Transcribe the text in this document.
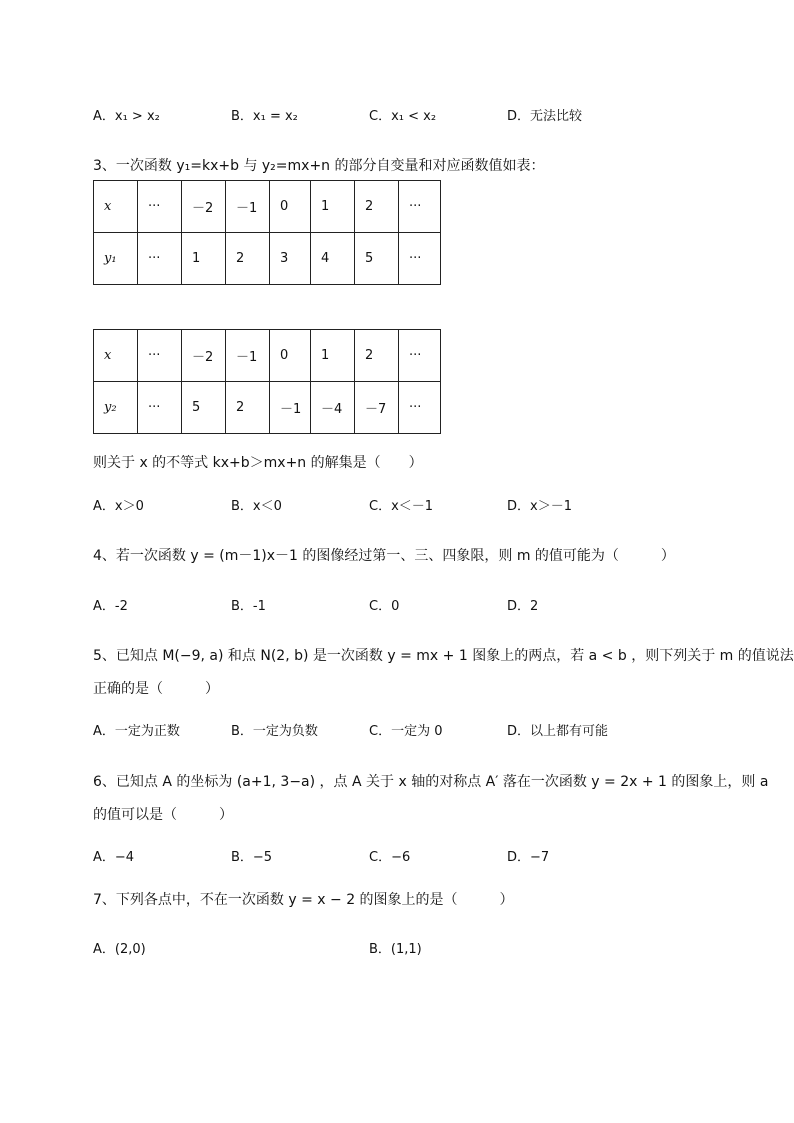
A．x₁ > x₂	B．x₁ = x₂	C．x₁ < x₂	D．无法比较
3、一次函数 y₁=kx+b 与 y₂=mx+n 的部分自变量和对应函数值如表：
x	···	－2	－1	0	1	2	···
y₁	···	1	2	3	4	5	···
x	···	－2	－1	0	1	2	···
y₂	···	5	2	－1	－4	－7	···
则关于 x 的不等式 kx+b＞mx+n 的解集是（　　）
A．x＞0	B．x＜0	C．x＜－1	D．x＞－1
4、若一次函数 y = (m－1)x－1 的图像经过第一、三、四象限，则 m 的值可能为（　　　）
A．-2	B．-1	C．0	D．2
5、已知点 M(−9, a) 和点 N(2, b) 是一次函数 y = mx + 1 图象上的两点，若 a < b ，则下列关于 m 的值说法
正确的是（　　　）
A．一定为正数	B．一定为负数	C．一定为 0	D．以上都有可能
6、已知点 A 的坐标为 (a+1, 3−a) ，点 A 关于 x 轴的对称点 A′ 落在一次函数 y = 2x + 1 的图象上，则 a
的值可以是（　　　）
A．−4	B．−5	C．−6	D．−7
7、下列各点中，不在一次函数 y = x − 2 的图象上的是（　　　）
A．(2,0)	B．(1,1)
